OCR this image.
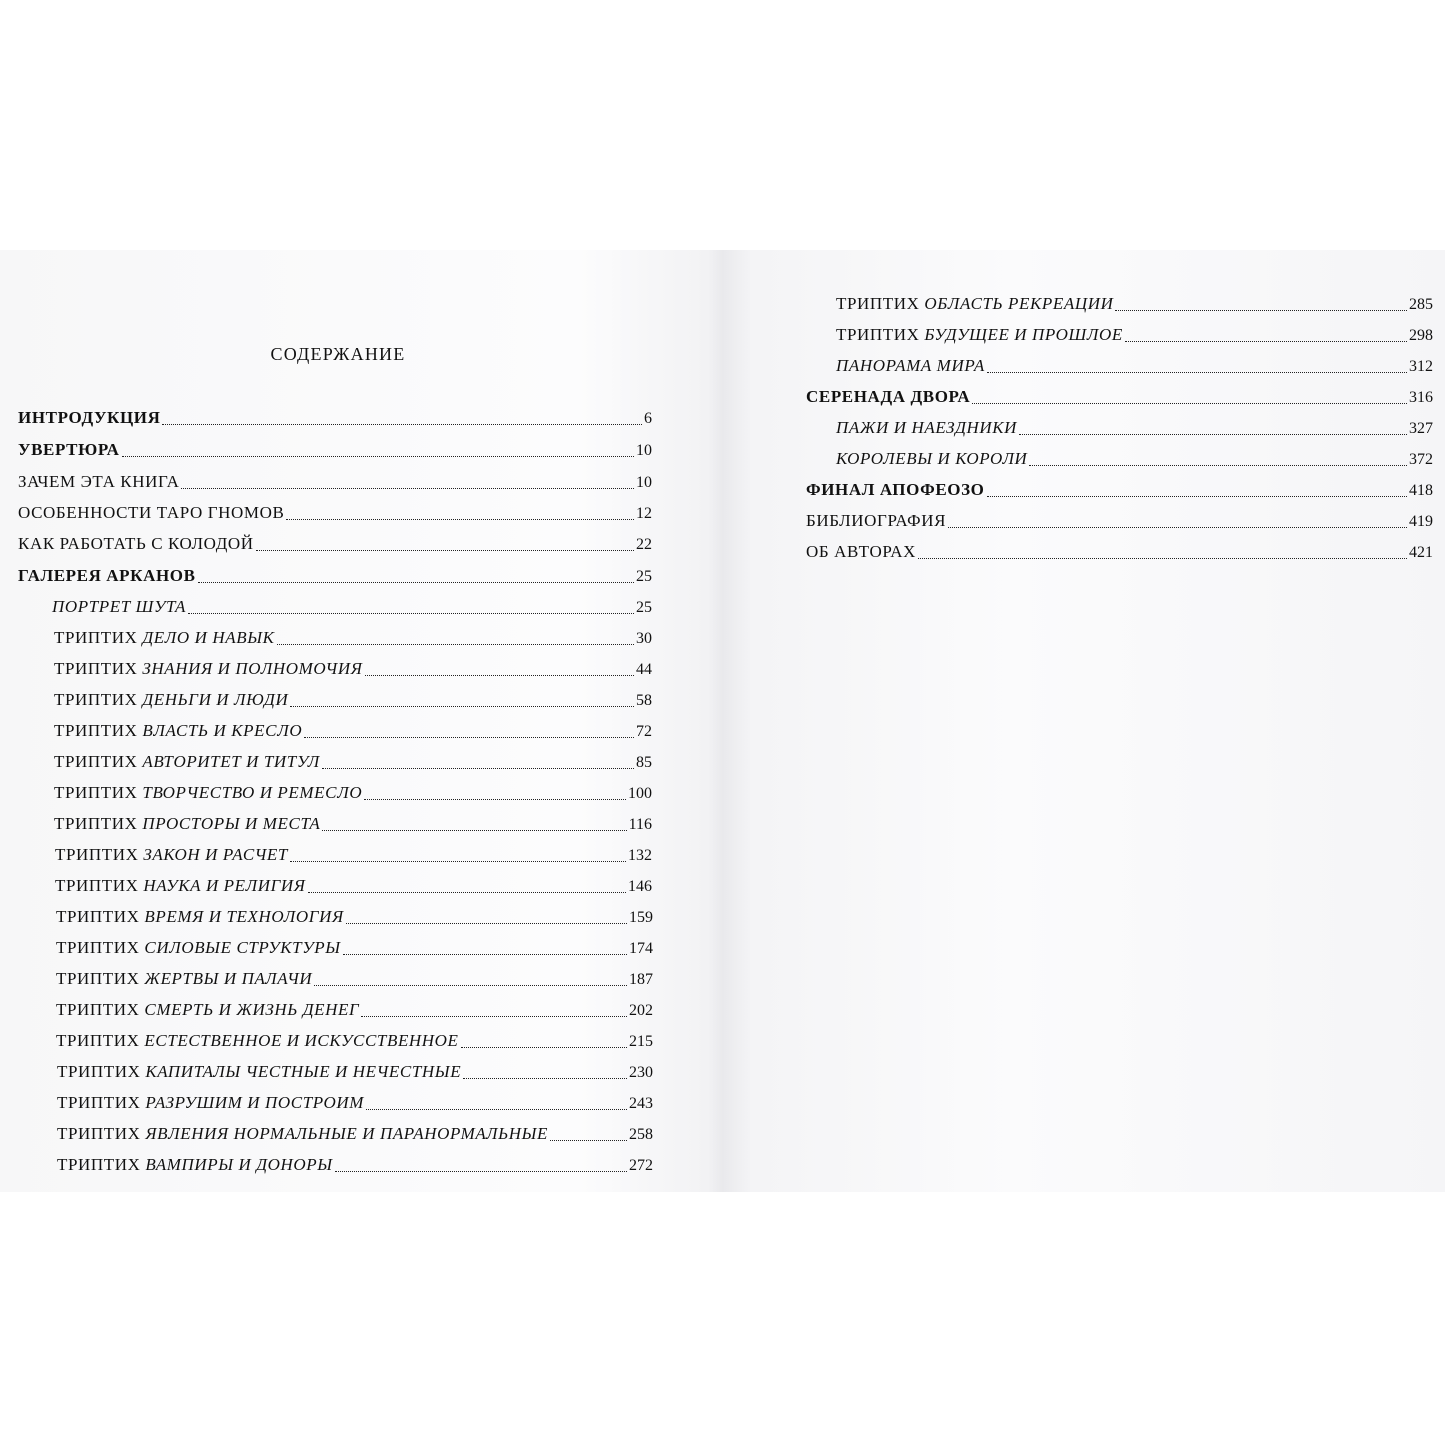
СОДЕРЖАНИЕ
ИНТРОДУКЦИЯ	6
УВЕРТЮРА	10
ЗАЧЕМ ЭТА КНИГА	10
ОСОБЕННОСТИ ТАРО ГНОМОВ	12
КАК РАБОТАТЬ С КОЛОДОЙ	22
ГАЛЕРЕЯ АРКАНОВ	25
ПОРТРЕТ ШУТА	25
ТРИПТИХ ДЕЛО И НАВЫК	30
ТРИПТИХ ЗНАНИЯ И ПОЛНОМОЧИЯ	44
ТРИПТИХ ДЕНЬГИ И ЛЮДИ	58
ТРИПТИХ ВЛАСТЬ И КРЕСЛО	72
ТРИПТИХ АВТОРИТЕТ И ТИТУЛ	85
ТРИПТИХ ТВОРЧЕСТВО И РЕМЕСЛО	100
ТРИПТИХ ПРОСТОРЫ И МЕСТА	116
ТРИПТИХ ЗАКОН И РАСЧЕТ	132
ТРИПТИХ НАУКА И РЕЛИГИЯ	146
ТРИПТИХ ВРЕМЯ И ТЕХНОЛОГИЯ	159
ТРИПТИХ СИЛОВЫЕ СТРУКТУРЫ	174
ТРИПТИХ ЖЕРТВЫ И ПАЛАЧИ	187
ТРИПТИХ СМЕРТЬ И ЖИЗНЬ ДЕНЕГ	202
ТРИПТИХ ЕСТЕСТВЕННОЕ И ИСКУССТВЕННОЕ	215
ТРИПТИХ КАПИТАЛЫ ЧЕСТНЫЕ И НЕЧЕСТНЫЕ	230
ТРИПТИХ РАЗРУШИМ И ПОСТРОИМ	243
ТРИПТИХ ЯВЛЕНИЯ НОРМАЛЬНЫЕ И ПАРАНОРМАЛЬНЫЕ	258
ТРИПТИХ ВАМПИРЫ И ДОНОРЫ	272
ТРИПТИХ ОБЛАСТЬ РЕКРЕАЦИИ	285
ТРИПТИХ БУДУЩЕЕ И ПРОШЛОЕ	298
ПАНОРАМА МИРА	312
СЕРЕНАДА ДВОРА	316
ПАЖИ И НАЕЗДНИКИ	327
КОРОЛЕВЫ И КОРОЛИ	372
ФИНАЛ АПОФЕОЗО	418
БИБЛИОГРАФИЯ	419
ОБ АВТОРАХ	421
